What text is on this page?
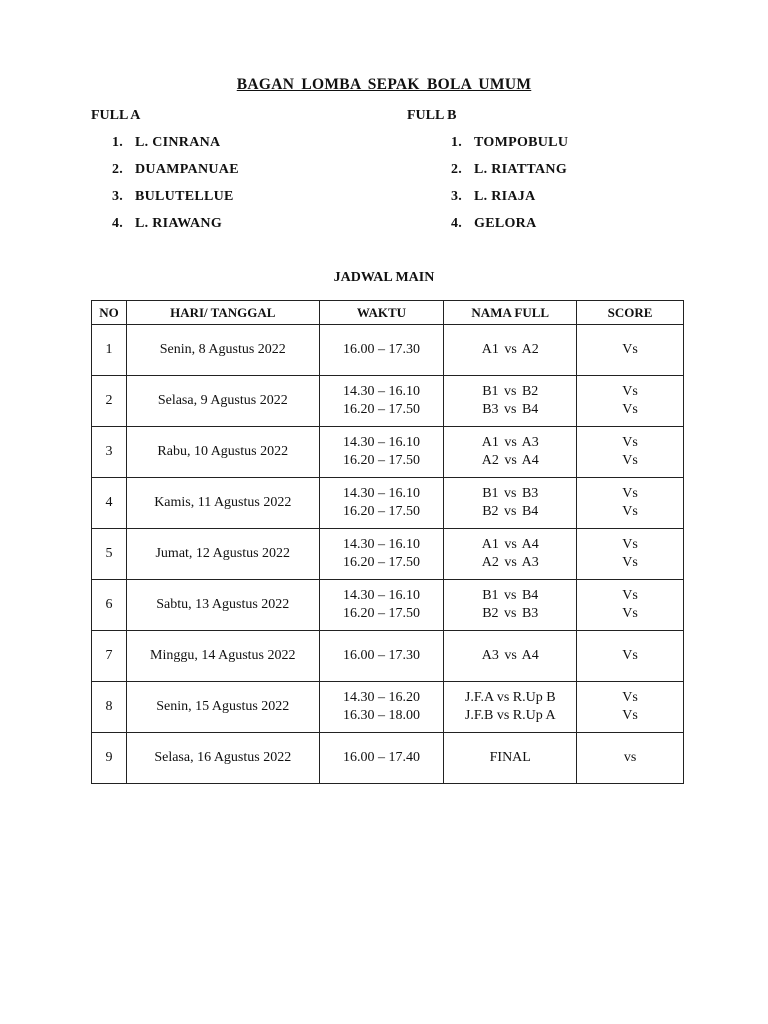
BAGAN LOMBA SEPAK BOLA UMUM
FULL A
1. L. CINRANA
2. DUAMPANUAE
3. BULUTELLUE
4. L. RIAWANG
FULL B
1. TOMPOBULU
2. L. RIATTANG
3. L. RIAJA
4. GELORA
JADWAL MAIN
NO	HARI/ TANGGAL	WAKTU	NAMA FULL	SCORE
1	Senin, 8 Agustus 2022	16.00 – 17.30	A1 vs A2	Vs

2	Selasa, 9 Agustus 2022	14.30 – 16.10
16.20 – 17.50	B1 vs B2
B3 vs B4	Vs
Vs

3	Rabu, 10 Agustus 2022	14.30 – 16.10
16.20 – 17.50	A1 vs A3
A2 vs A4	Vs
Vs

4	Kamis, 11 Agustus 2022	14.30 – 16.10
16.20 – 17.50	B1 vs B3
B2 vs B4	Vs
Vs

5	Jumat, 12 Agustus 2022	14.30 – 16.10
16.20 – 17.50	A1 vs A4
A2 vs A3	Vs
Vs

6	Sabtu, 13 Agustus 2022	14.30 – 16.10
16.20 – 17.50	B1 vs B4
B2 vs B3	Vs
Vs

7	Minggu, 14 Agustus 2022	16.00 – 17.30	A3 vs A4	Vs

8	Senin, 15 Agustus 2022	14.30 – 16.20
16.30 – 18.00	J.F.A vs R.Up B
J.F.B vs R.Up A	Vs
Vs

9	Selasa, 16 Agustus 2022	16.00 – 17.40	FINAL	vs
